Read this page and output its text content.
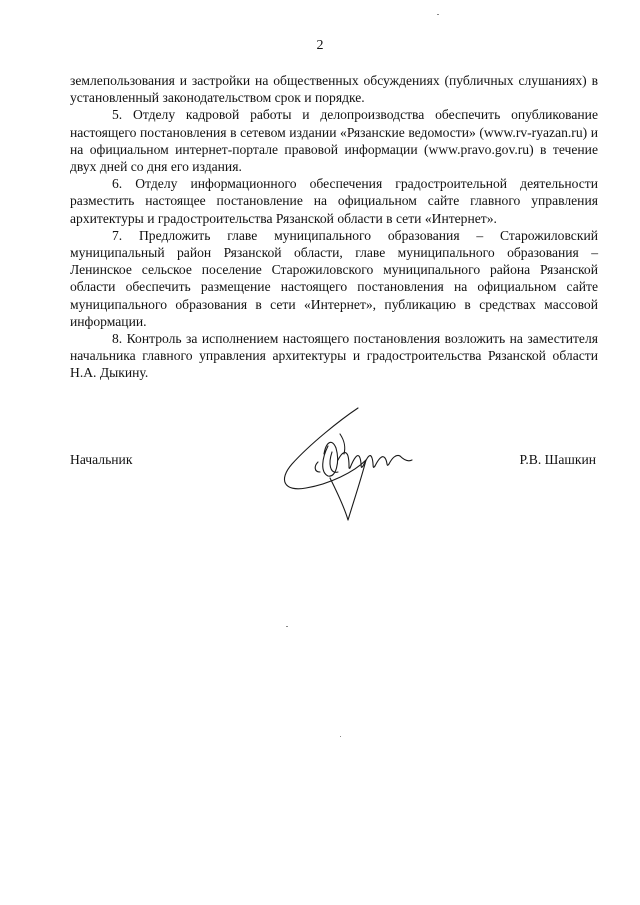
2

землепользования и застройки на общественных обсуждениях (публичных слушаниях) в установленный законодательством срок и порядке.

5. Отделу кадровой работы и делопроизводства обеспечить опубликование настоящего постановления в сетевом издании «Рязанские ведомости» (www.rv-ryazan.ru) и на официальном интернет-портале правовой информации (www.pravo.gov.ru) в течение двух дней со дня его издания.

6. Отделу информационного обеспечения градостроительной деятельности разместить настоящее постановление на официальном сайте главного управления архитектуры и градостроительства Рязанской области в сети «Интернет».

7. Предложить главе муниципального образования – Старожиловский муниципальный район Рязанской области, главе муниципального образования – Ленинское сельское поселение Старожиловского муниципального района Рязанской области обеспечить размещение настоящего постановления на официальном сайте муниципального образования в сети «Интернет», публикацию в средствах массовой информации.

8. Контроль за исполнением настоящего постановления возложить на заместителя начальника главного управления архитектуры и градостроительства Рязанской области Н.А. Дыкину.

Начальник	Р.В. Шашкин
